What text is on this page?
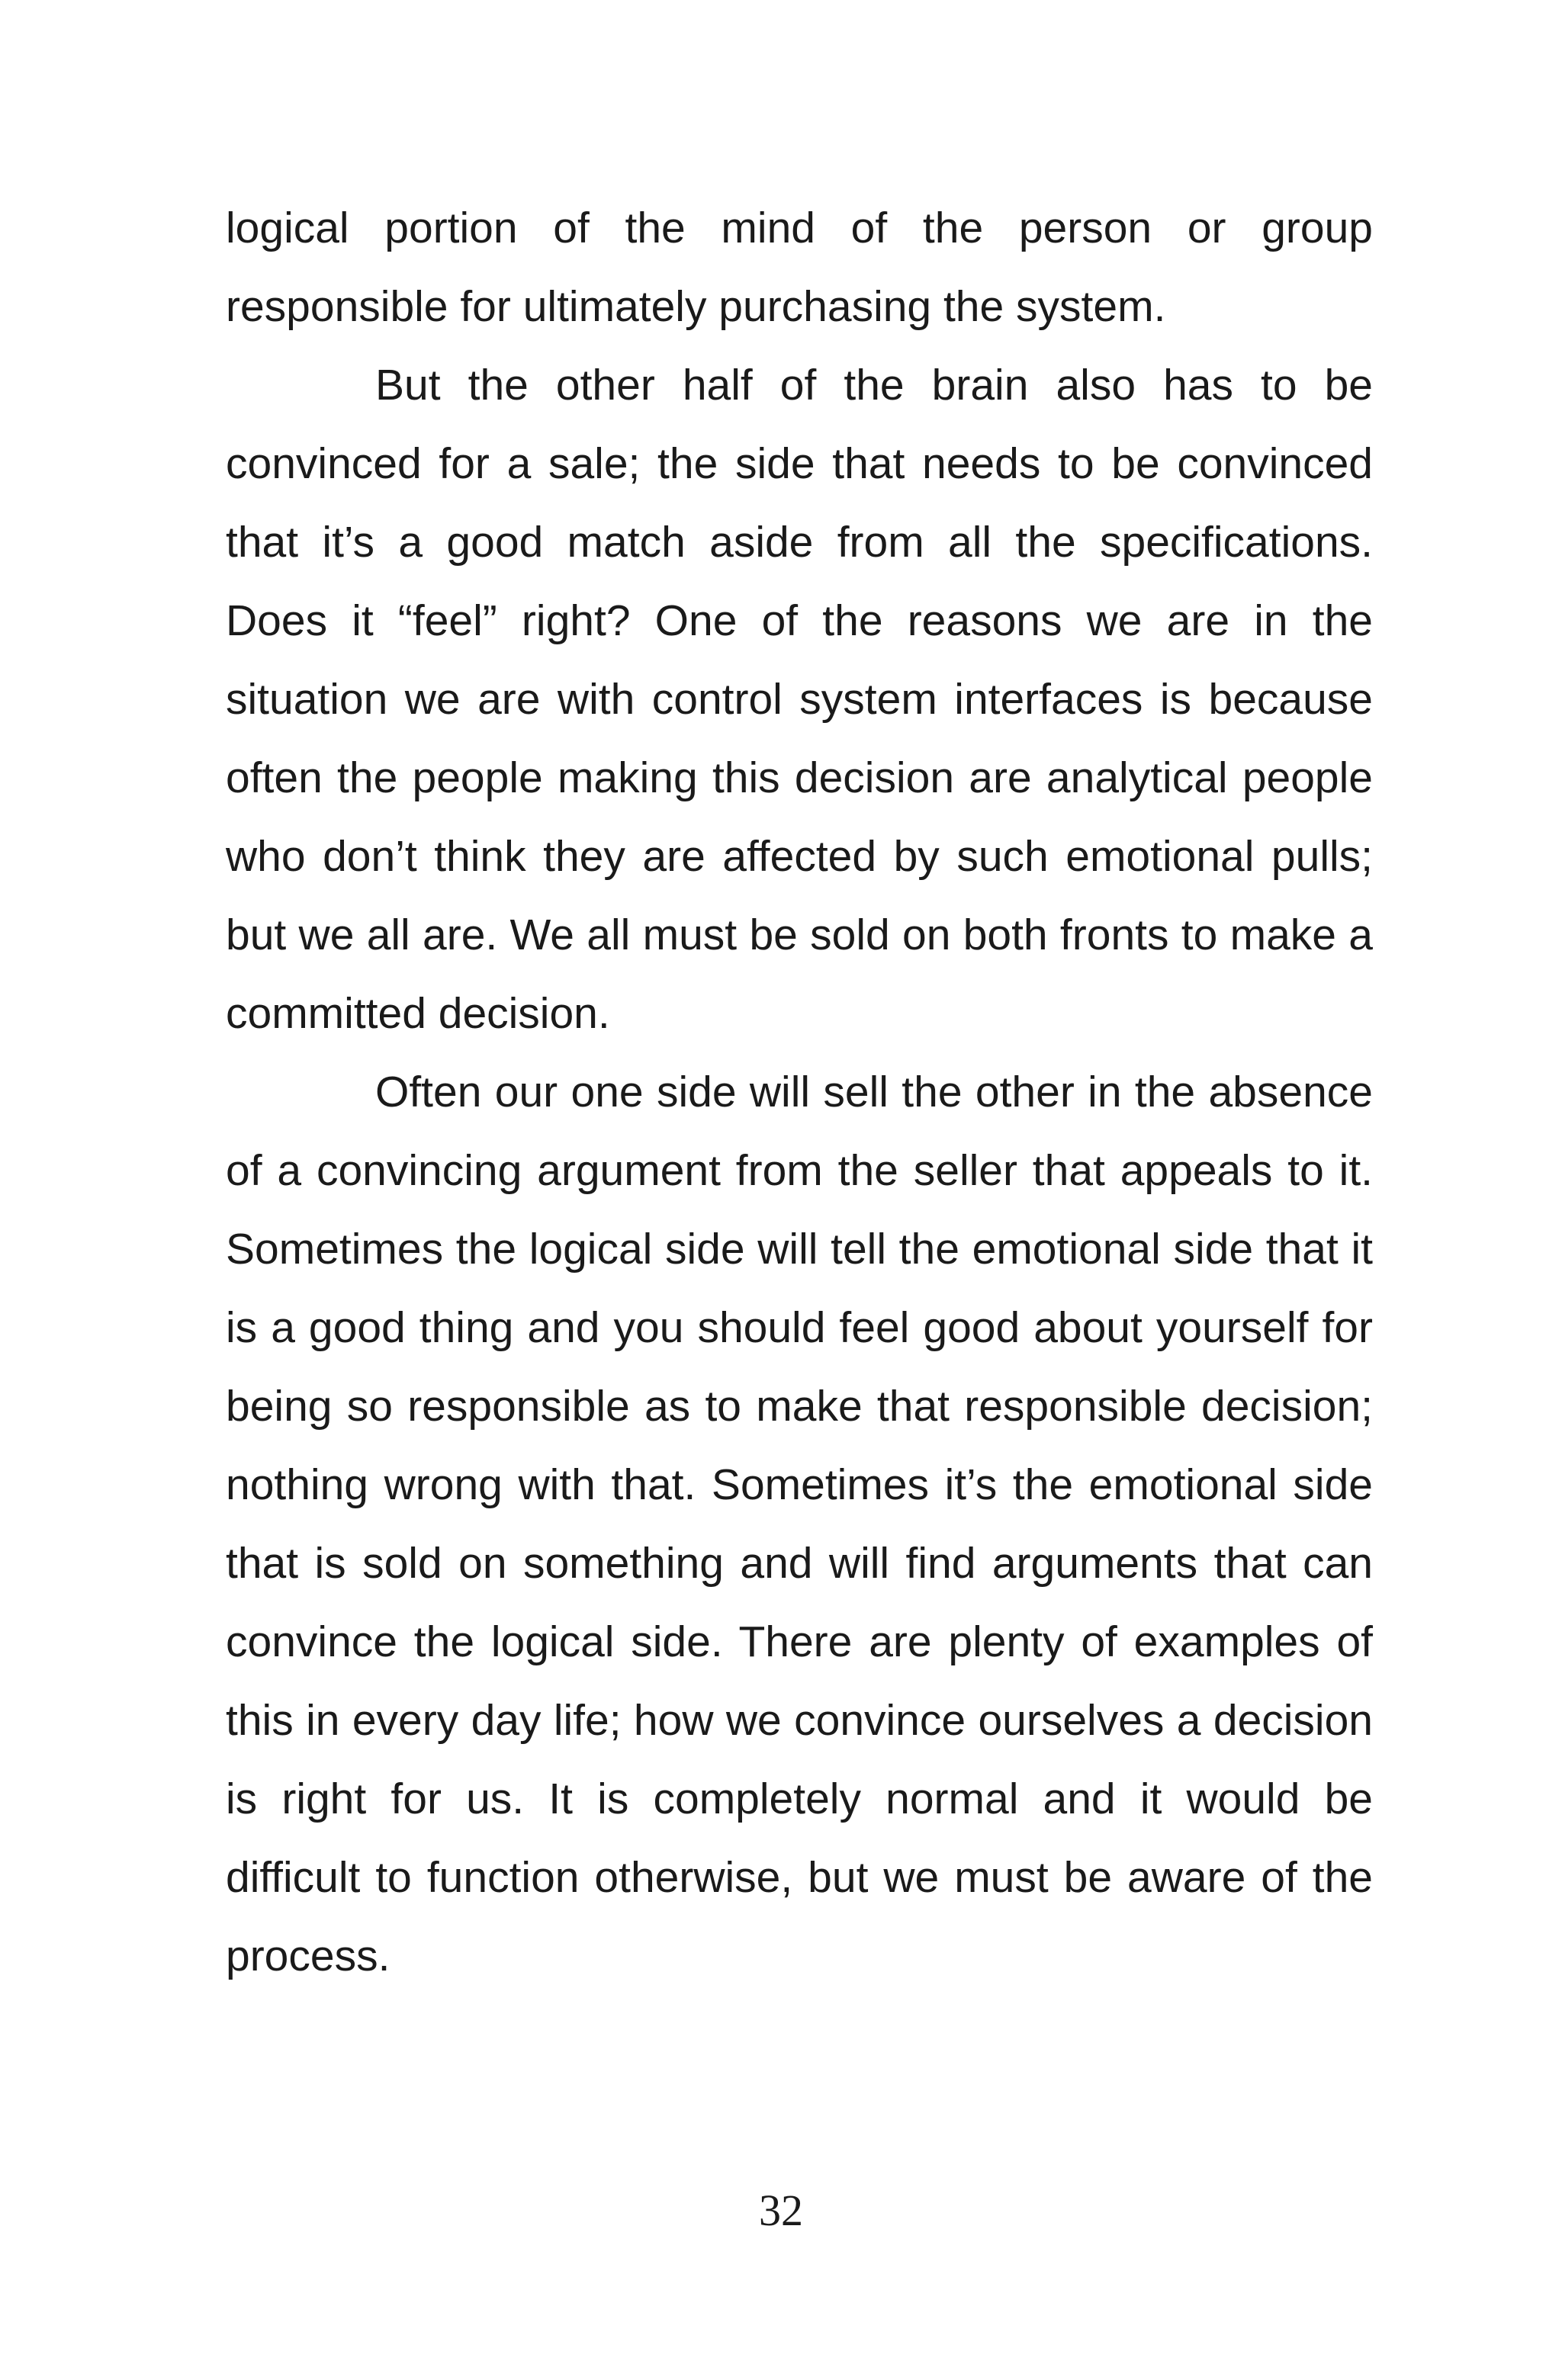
logical portion of the mind of the person or group responsible for ultimately purchasing the system.

But the other half of the brain also has to be convinced for a sale; the side that needs to be convinced that it’s a good match aside from all the specifications. Does it “feel” right? One of the reasons we are in the situation we are with control system interfaces is because often the people making this decision are analytical people who don’t think they are affected by such emotional pulls; but we all are. We all must be sold on both fronts to make a committed decision.

Often our one side will sell the other in the absence of a convincing argument from the seller that appeals to it. Sometimes the logical side will tell the emotional side that it is a good thing and you should feel good about yourself for being so responsible as to make that responsible decision; nothing wrong with that. Sometimes it’s the emotional side that is sold on something and will find arguments that can convince the logical side. There are plenty of examples of this in every day life; how we convince ourselves a decision is right for us. It is completely normal and it would be difficult to function otherwise, but we must be aware of the process.

32
